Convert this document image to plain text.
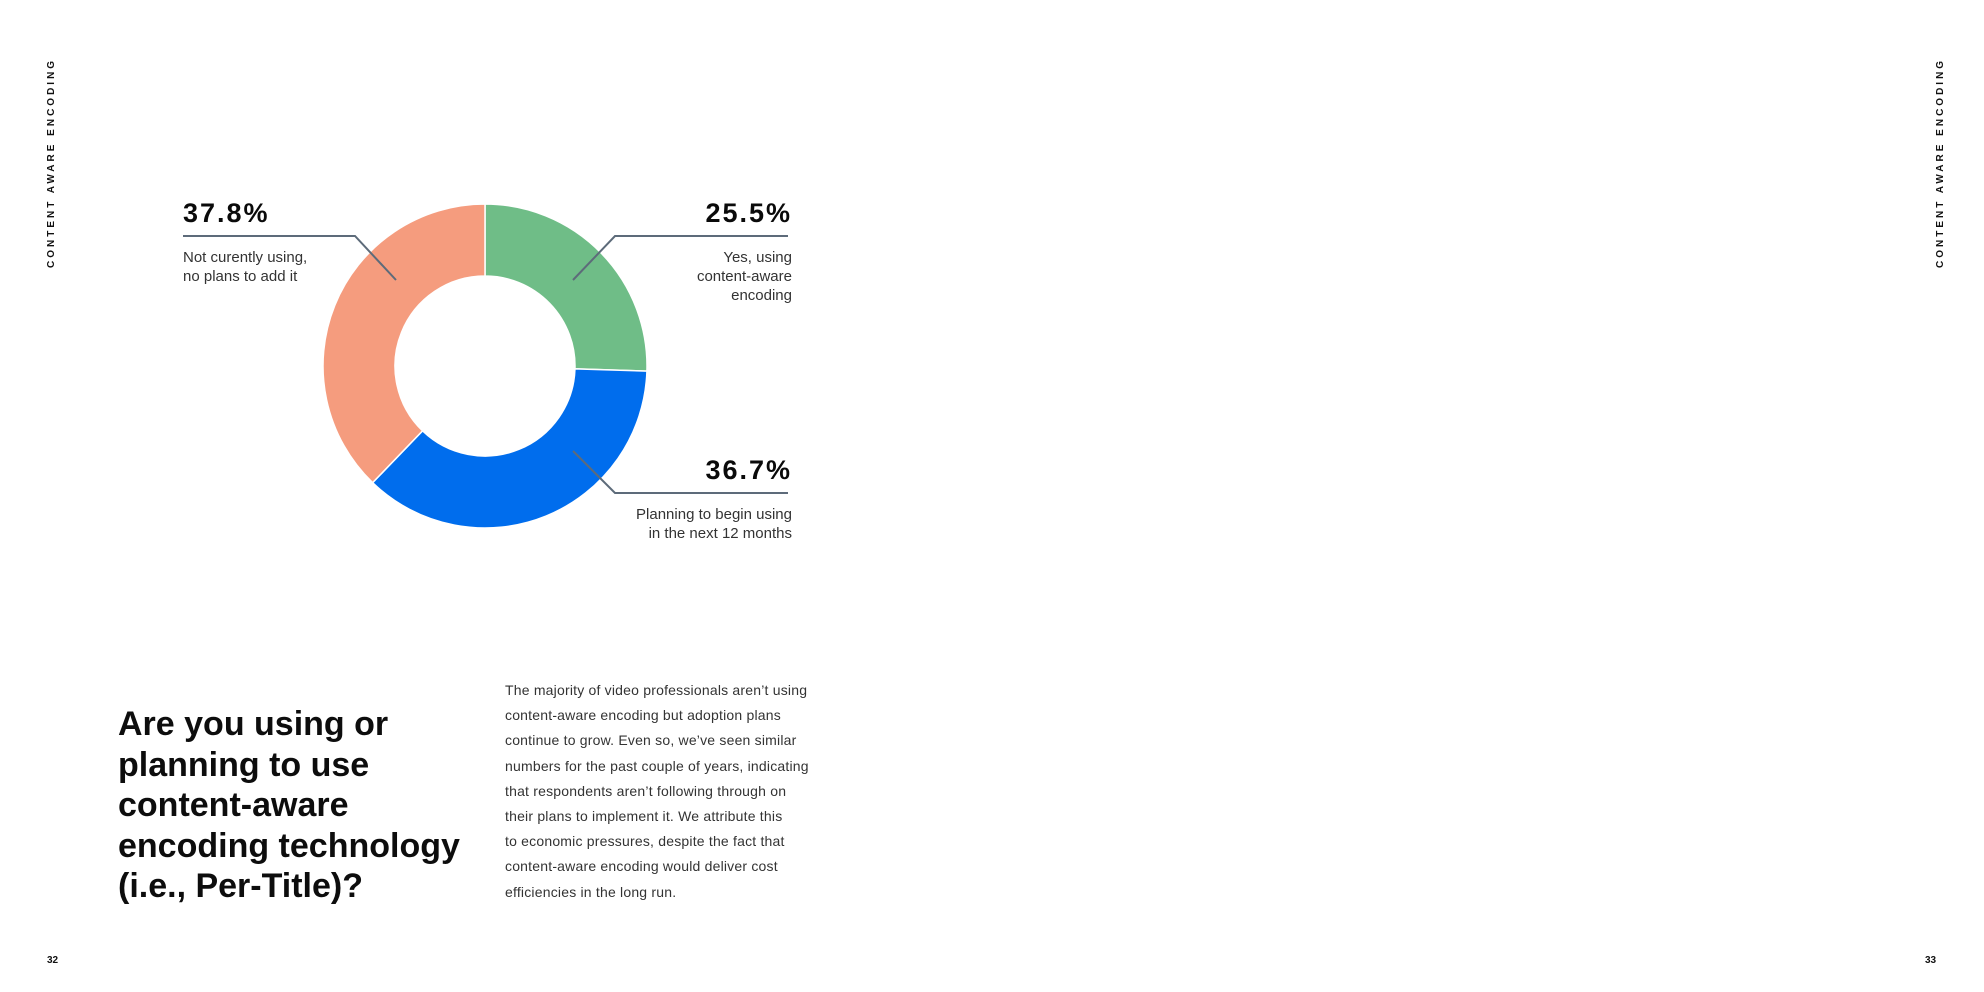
CONTENT AWARE ENCODING	CONTENT AWARE ENCODING
25.5%
Yes, using
content-aware
encoding
36.7%
Planning to begin using
in the next 12 months
37.8%
Not curently using,
no plans to add it
Are you using or planning to use content-aware encoding technology (i.e., Per-Title)?

The majority of video professionals aren’t using
content-aware encoding but adoption plans
continue to grow. Even so, we’ve seen similar
numbers for the past couple of years, indicating
that respondents aren’t following through on
their plans to implement it. We attribute this
to economic pressures, despite the fact that
content-aware encoding would deliver cost
efficiencies in the long run.

32	33
